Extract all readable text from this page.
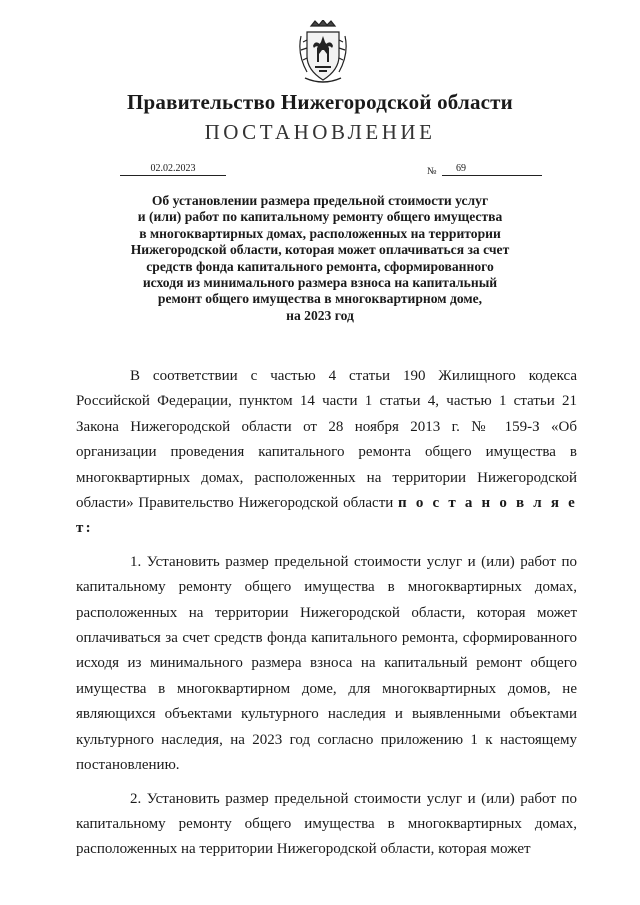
Правительство Нижегородской области
ПОСТАНОВЛЕНИЕ
02.02.2023	№	69
Об установлении размера предельной стоимости услуг
и (или) работ по капитальному ремонту общего имущества
в многоквартирных домах, расположенных на территории
Нижегородской области, которая может оплачиваться за счет
средств фонда капитального ремонта, сформированного
исходя из минимального размера взноса на капитальный
ремонт общего имущества в многоквартирном доме,
на 2023 год

В соответствии с частью 4 статьи 190 Жилищного кодекса Российской Федерации, пунктом 14 части 1 статьи 4, частью 1 статьи 21 Закона Нижегородской области от 28 ноября 2013 г. № 159-З «Об организации проведения капитального ремонта общего имущества в многоквартирных домах, расположенных на территории Нижегородской области» Правительство Нижегородской области п о с т а н о в л я е т:

1. Установить размер предельной стоимости услуг и (или) работ по капитальному ремонту общего имущества в многоквартирных домах, расположенных на территории Нижегородской области, которая может оплачиваться за счет средств фонда капитального ремонта, сформированного исходя из минимального размера взноса на капитальный ремонт общего имущества в многоквартирном доме, для многоквартирных домов, не являющихся объектами культурного наследия и выявленными объектами культурного наследия, на 2023 год согласно приложению 1 к настоящему постановлению.

2. Установить размер предельной стоимости услуг и (или) работ по капитальному ремонту общего имущества в многоквартирных домах, расположенных на территории Нижегородской области, которая может
